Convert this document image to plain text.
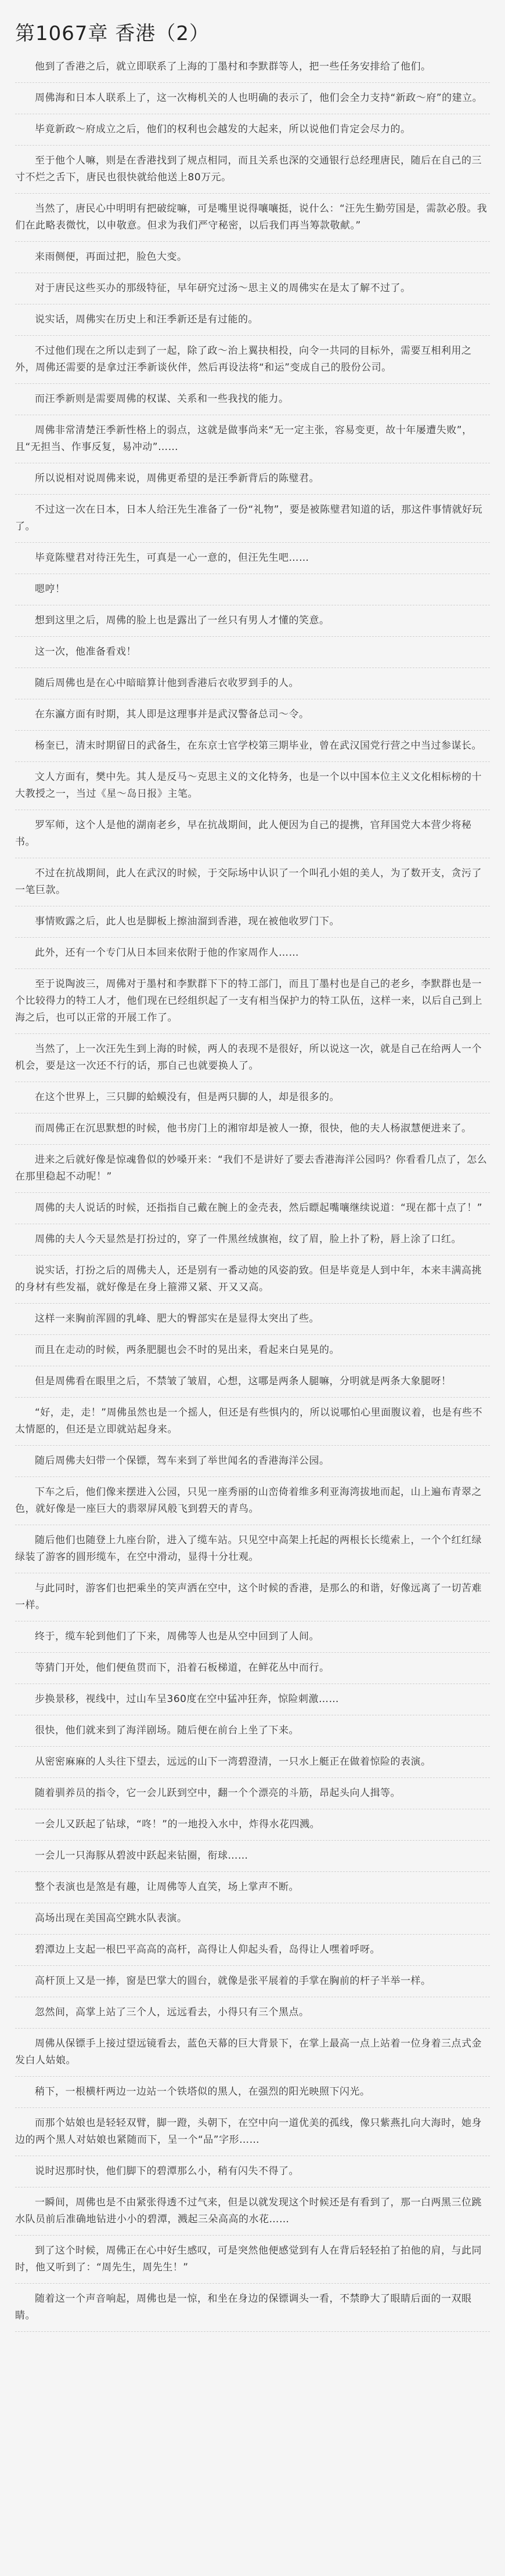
第1067章 香港（2）

他到了香港之后，就立即联系了上海的丁墨村和李默群等人，把一些任务安排给了他们。

周佛海和日本人联系上了，这一次梅机关的人也明确的表示了，他们会全力支持“新政～府”的建立。

毕竟新政～府成立之后，他们的权利也会越发的大起来，所以说他们肯定会尽力的。

至于他个人嘛，则是在香港找到了规点相同，而且关系也深的交通银行总经理唐民，随后在自己的三寸不烂之舌下，唐民也很快就给他送上80万元。

当然了，唐民心中明明有把破绽嘛，可是嘴里说得嚷嚷挺，说什么：“汪先生勤劳国是，需款必殷。我们在此略表微忱，以申敬意。但求为我们严守秘密，以后我们再当筹款敬献。”

来雨侧便，再面过把，脸色大变。

对于唐民这些买办的那级特征，早年研究过汤～思主义的周佛实在是太了解不过了。

说实话，周佛实在历史上和汪季新还是有过能的。

不过他们现在之所以走到了一起，除了政～治上翼抉相投，向令一共同的目标外，需要互相利用之外，周佛还需要的是拿过汪季新谈伙伴，然后再设法将“和运”变成自己的股份公司。

而汪季新则是需要周佛的权谋、关系和一些我找的能力。

周佛非常清楚汪季新性格上的弱点，这就是做事尚来“无一定主张，容易变更，故十年屡遭失败”，且“无担当、作事反复，易冲动”……

所以说相对说周佛来说，周佛更希望的是汪季新背后的陈璧君。

不过这一次在日本，日本人给汪先生准备了一份“礼物”，要是被陈璧君知道的话，那这件事情就好玩了。

毕竟陈璧君对待汪先生，可真是一心一意的，但汪先生吧……

嗯哼！

想到这里之后，周佛的脸上也是露出了一丝只有男人才懂的笑意。

这一次，他准备看戏！

随后周佛也是在心中暗暗算计他到香港后衣收罗到手的人。

在东瀛方面有时期，其人即是这理事并是武汉警备总司～令。

杨奎已，清末时期留日的武备生，在东京士官学校第三期毕业，曾在武汉国党行营之中当过参谋长。

文人方面有，樊中先。其人是反马～克思主义的文化特务，也是一个以中国本位主义文化相标榜的十大教授之一，当过《星～岛日报》主笔。

罗军师，这个人是他的湖南老乡，早在抗战期间，此人便因为自己的提携，官拜国党大本营少将秘书。

不过在抗战期间，此人在武汉的时候，于交际场中认识了一个叫孔小姐的美人，为了数开支，贪污了一笔巨款。

事情败露之后，此人也是脚板上擦油溜到香港，现在被他收罗门下。

此外，还有一个专门从日本回来依附于他的作家周作人……

至于说陶波三，周佛对于墨村和李默群下下的特工部门，而且丁墨村也是自己的老乡，李默群也是一个比较得力的特工人才，他们现在已经组织起了一支有相当保护力的特工队伍，这样一来，以后自己到上海之后，也可以正常的开展工作了。

当然了，上一次汪先生到上海的时候，两人的表现不是很好，所以说这一次，就是自己在给两人一个机会，要是这一次还不行的话，那自己也就要换人了。

在这个世界上，三只脚的蛤蟆没有，但是两只脚的人，却是很多的。

而周佛正在沉思默想的时候，他书房门上的湘帘却是被人一撩，很快，他的夫人杨淑慧便进来了。

进来之后就好像是惊魂鲁似的妙嗓开来：“我们不是讲好了要去香港海洋公园吗？你看看几点了，怎么在那里稳起不动呢！”

周佛的夫人说话的时候，还指指自己戴在腕上的金壳表，然后瞟起嘴嚷继续说道：“现在都十点了！”

周佛的夫人今天显然是打扮过的，穿了一件黑丝绒旗袍，纹了眉，脸上扑了粉，唇上涂了口红。

说实话，打扮之后的周佛夫人，还是别有一番动她的风姿韵致。但是毕竟是人到中年，本来丰满高挑的身材有些发福，就好像是在身上箍滞又紧、开又又高。

这样一来胸前浑圆的乳峰、肥大的臀部实在是显得太突出了些。

而且在走动的时候，两条肥腿也会不时的晃出来，看起来白晃晃的。

但是周佛看在眼里之后，不禁皱了皱眉，心想，这哪是两条人腿嘛，分明就是两条大象腿呀！

“好，走，走！”周佛虽然也是一个摇人，但还是有些惧内的，所以说哪怕心里面腹议着，也是有些不太情愿的，但还是立即就站起身来。

随后周佛夫妇带一个保镖，驾车来到了举世闻名的香港海洋公园。

下车之后，他们像来摆进入公园，只见一座秀丽的山峦倚着维多利亚海湾拔地而起，山上遍布青翠之色，就好像是一座巨大的翡翠屏风般飞到碧天的青鸟。

随后他们也随登上九座台阶，进入了缆车站。只见空中高架上托起的两根长长缆索上，一个个红红绿绿装了游客的圆形缆车，在空中滑动，显得十分壮观。

与此同时，游客们也把乘坐的笑声洒在空中，这个时候的香港，是那么的和谐，好像远离了一切苦难一样。

终于，缆车轮到他们了下来，周佛等人也是从空中回到了人间。

等猜门开处，他们便鱼贯而下，沿着石板梯道，在鲜花丛中而行。

步换景移，视线中，过山车呈360度在空中猛冲狂奔，惊险刺激……

很快，他们就来到了海洋剧场。随后便在前台上坐了下来。

从密密麻麻的人头往下望去，远远的山下一湾碧澄清，一只水上艇正在做着惊险的表演。

随着驯养员的指令，它一会儿跃到空中，翻一个个漂亮的斗筋，昂起头向人揖等。

一会儿又跃起了钻球，“咚！”的一地投入水中，炸得水花四溅。

一会儿一只海豚从碧波中跃起来钻圈，衔球……

整个表演也是煞是有趣，让周佛等人直笑，场上掌声不断。

高场出现在美国高空跳水队表演。

碧潭边上支起一根巴平高高的高杆，高得让人仰起头看，岛得让人嘿着呼呀。

高杆顶上又是一捧，窗是巴掌大的圆台，就像是张平展着的手掌在胸前的杆子半举一样。

忽然间，高掌上站了三个人，远远看去，小得只有三个黑点。

周佛从保镖手上接过望远镜看去，蓝色天幕的巨大背景下，在掌上最高一点上站着一位身着三点式金发白人姑娘。

稍下，一根横杆两边一边站一个铁塔似的黑人，在强烈的阳光映照下闪光。

而那个姑娘也是轻轻双臂，脚一蹬，头朝下，在空中向一道优美的孤线，像只紫燕扎向大海时，她身边的两个黑人对姑娘也紧随而下，呈一个“品”字形……

说时迟那时快，他们脚下的碧潭那么小，稍有闪失不得了。

一瞬间，周佛也是不由紧张得透不过气来，但是以就发现这个时候还是有看到了，那一白两黑三位跳水队员前后准确地钻进小小的碧潭，溅起三朵高高的水花……

到了这个时候，周佛正在心中好生感叹，可是突然他便感觉到有人在背后轻轻拍了拍他的肩，与此同时，他又听到了：“周先生，周先生！”

随着这一个声音响起，周佛也是一惊，和坐在身边的保镖调头一看，不禁睁大了眼睛后面的一双眼睛。
